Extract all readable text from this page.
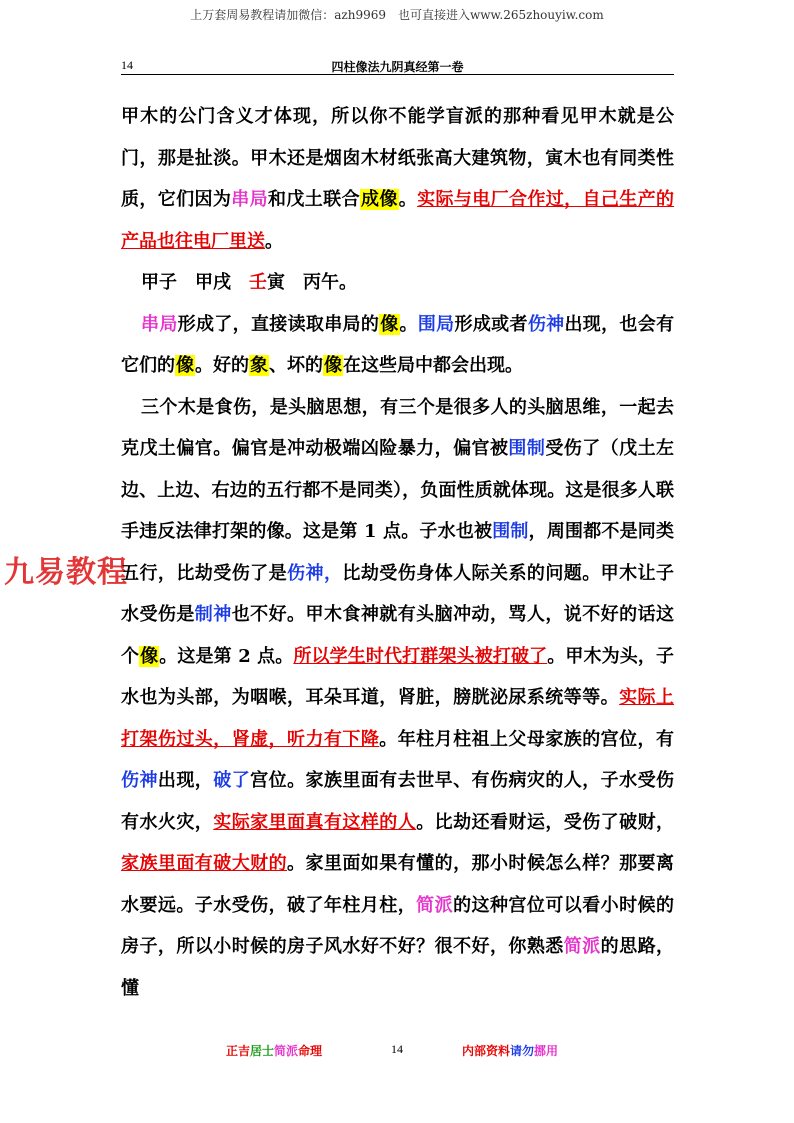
上万套周易教程请加微信：azh9969　也可直接进入www.265zhouyiw.com
14	四柱像法九阴真经第一卷
九易教程

甲木的公门含义才体现，所以你不能学盲派的那种看见甲木就是公门，那是扯淡。甲木还是烟囱木材纸张高大建筑物，寅木也有同类性质，它们因为串局和戊土联合成像。实际与电厂合作过，自己生产的产品也往电厂里送。

甲子　甲戌　壬寅　丙午。

串局形成了，直接读取串局的像。围局形成或者伤神出现，也会有它们的像。好的象、坏的像在这些局中都会出现。

三个木是食伤，是头脑思想，有三个是很多人的头脑思维，一起去克戊土偏官。偏官是冲动极端凶险暴力，偏官被围制受伤了（戊土左边、上边、右边的五行都不是同类），负面性质就体现。这是很多人联手违反法律打架的像。这是第 1 点。子水也被围制，周围都不是同类五行，比劫受伤了是伤神，比劫受伤身体人际关系的问题。甲木让子水受伤是制神也不好。甲木食神就有头脑冲动，骂人，说不好的话这个像。这是第 2 点。所以学生时代打群架头被打破了。甲木为头，子水也为头部，为咽喉，耳朵耳道，肾脏，膀胱泌尿系统等等。实际上打架伤过头，肾虚，听力有下降。年柱月柱祖上父母家族的宫位，有伤神出现，破了宫位。家族里面有去世早、有伤病灾的人，子水受伤有水火灾，实际家里面真有这样的人。比劫还看财运，受伤了破财，家族里面有破大财的。家里面如果有懂的，那小时候怎么样？那要离水要远。子水受伤，破了年柱月柱，简派的这种宫位可以看小时候的房子，所以小时候的房子风水好不好？很不好，你熟悉简派的思路，懂

正吉居士简派命理	14	内部资料请勿挪用
